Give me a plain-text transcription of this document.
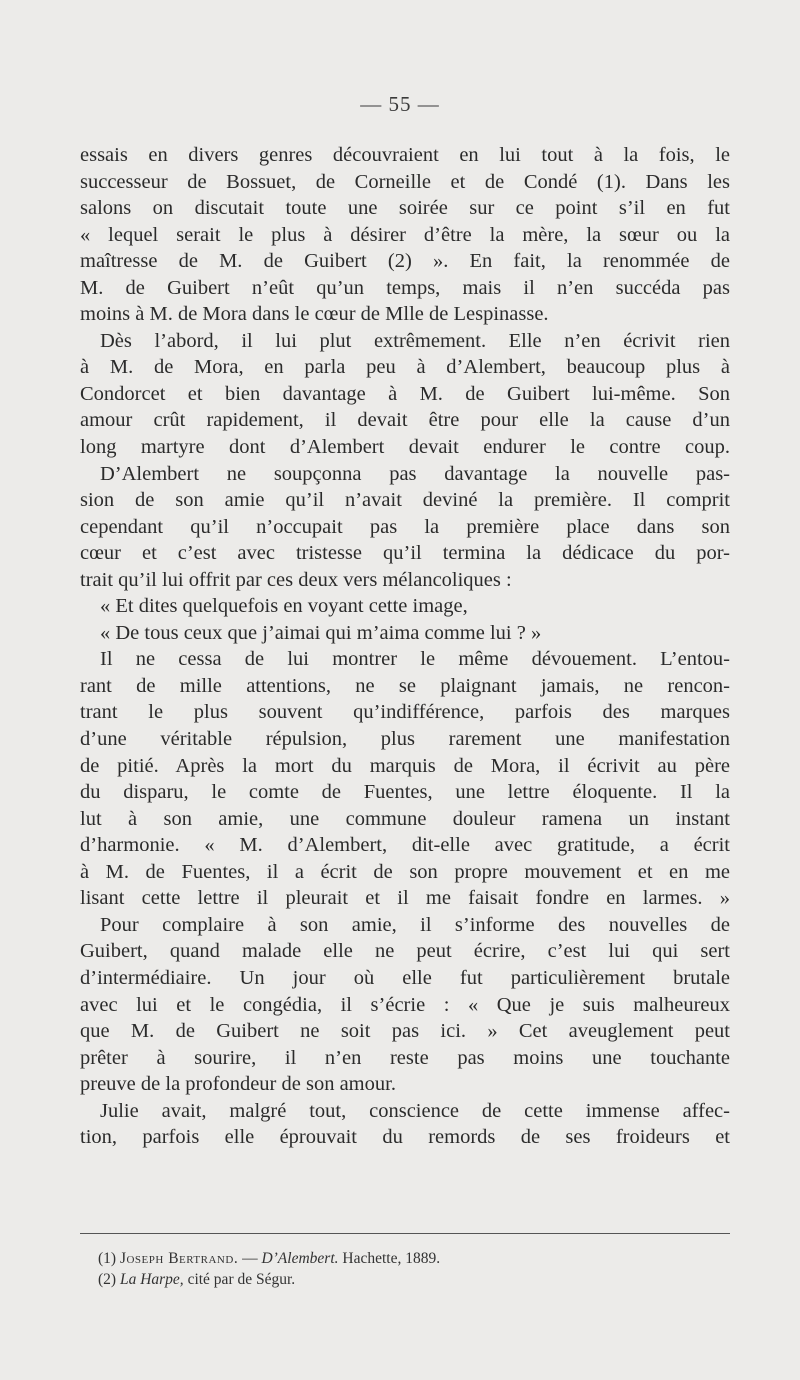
— 55 —
essais en divers genres découvraient en lui tout à la fois, le
successeur de Bossuet, de Corneille et de Condé (1). Dans les
salons on discutait toute une soirée sur ce point s’il en fut
« lequel serait le plus à désirer d’être la mère, la sœur ou la
maîtresse de M. de Guibert (2) ». En fait, la renommée de
M. de Guibert n’eût qu’un temps, mais il n’en succéda pas
moins à M. de Mora dans le cœur de Mlle de Lespinasse.
Dès l’abord, il lui plut extrêmement. Elle n’en écrivit rien
à M. de Mora, en parla peu à d’Alembert, beaucoup plus à
Condorcet et bien davantage à M. de Guibert lui-même. Son
amour crût rapidement, il devait être pour elle la cause d’un
long martyre dont d’Alembert devait endurer le contre coup.
D’Alembert ne soupçonna pas davantage la nouvelle pas-
sion de son amie qu’il n’avait deviné la première. Il comprit
cependant qu’il n’occupait pas la première place dans son
cœur et c’est avec tristesse qu’il termina la dédicace du por-
trait qu’il lui offrit par ces deux vers mélancoliques :
« Et dites quelquefois en voyant cette image,
« De tous ceux que j’aimai qui m’aima comme lui ? »
Il ne cessa de lui montrer le même dévouement. L’entou-
rant de mille attentions, ne se plaignant jamais, ne rencon-
trant le plus souvent qu’indifférence, parfois des marques
d’une véritable répulsion, plus rarement une manifestation
de pitié. Après la mort du marquis de Mora, il écrivit au père
du disparu, le comte de Fuentes, une lettre éloquente. Il la
lut à son amie, une commune douleur ramena un instant
d’harmonie. « M. d’Alembert, dit-elle avec gratitude, a écrit
à M. de Fuentes, il a écrit de son propre mouvement et en me
lisant cette lettre il pleurait et il me faisait fondre en larmes. »
Pour complaire à son amie, il s’informe des nouvelles de
Guibert, quand malade elle ne peut écrire, c’est lui qui sert
d’intermédiaire. Un jour où elle fut particulièrement brutale
avec lui et le congédia, il s’écrie : « Que je suis malheureux
que M. de Guibert ne soit pas ici. » Cet aveuglement peut
prêter à sourire, il n’en reste pas moins une touchante
preuve de la profondeur de son amour.
Julie avait, malgré tout, conscience de cette immense affec-
tion, parfois elle éprouvait du remords de ses froideurs et
(1) Joseph Bertrand. — D’Alembert. Hachette, 1889.
(2) La Harpe, cité par de Ségur.
